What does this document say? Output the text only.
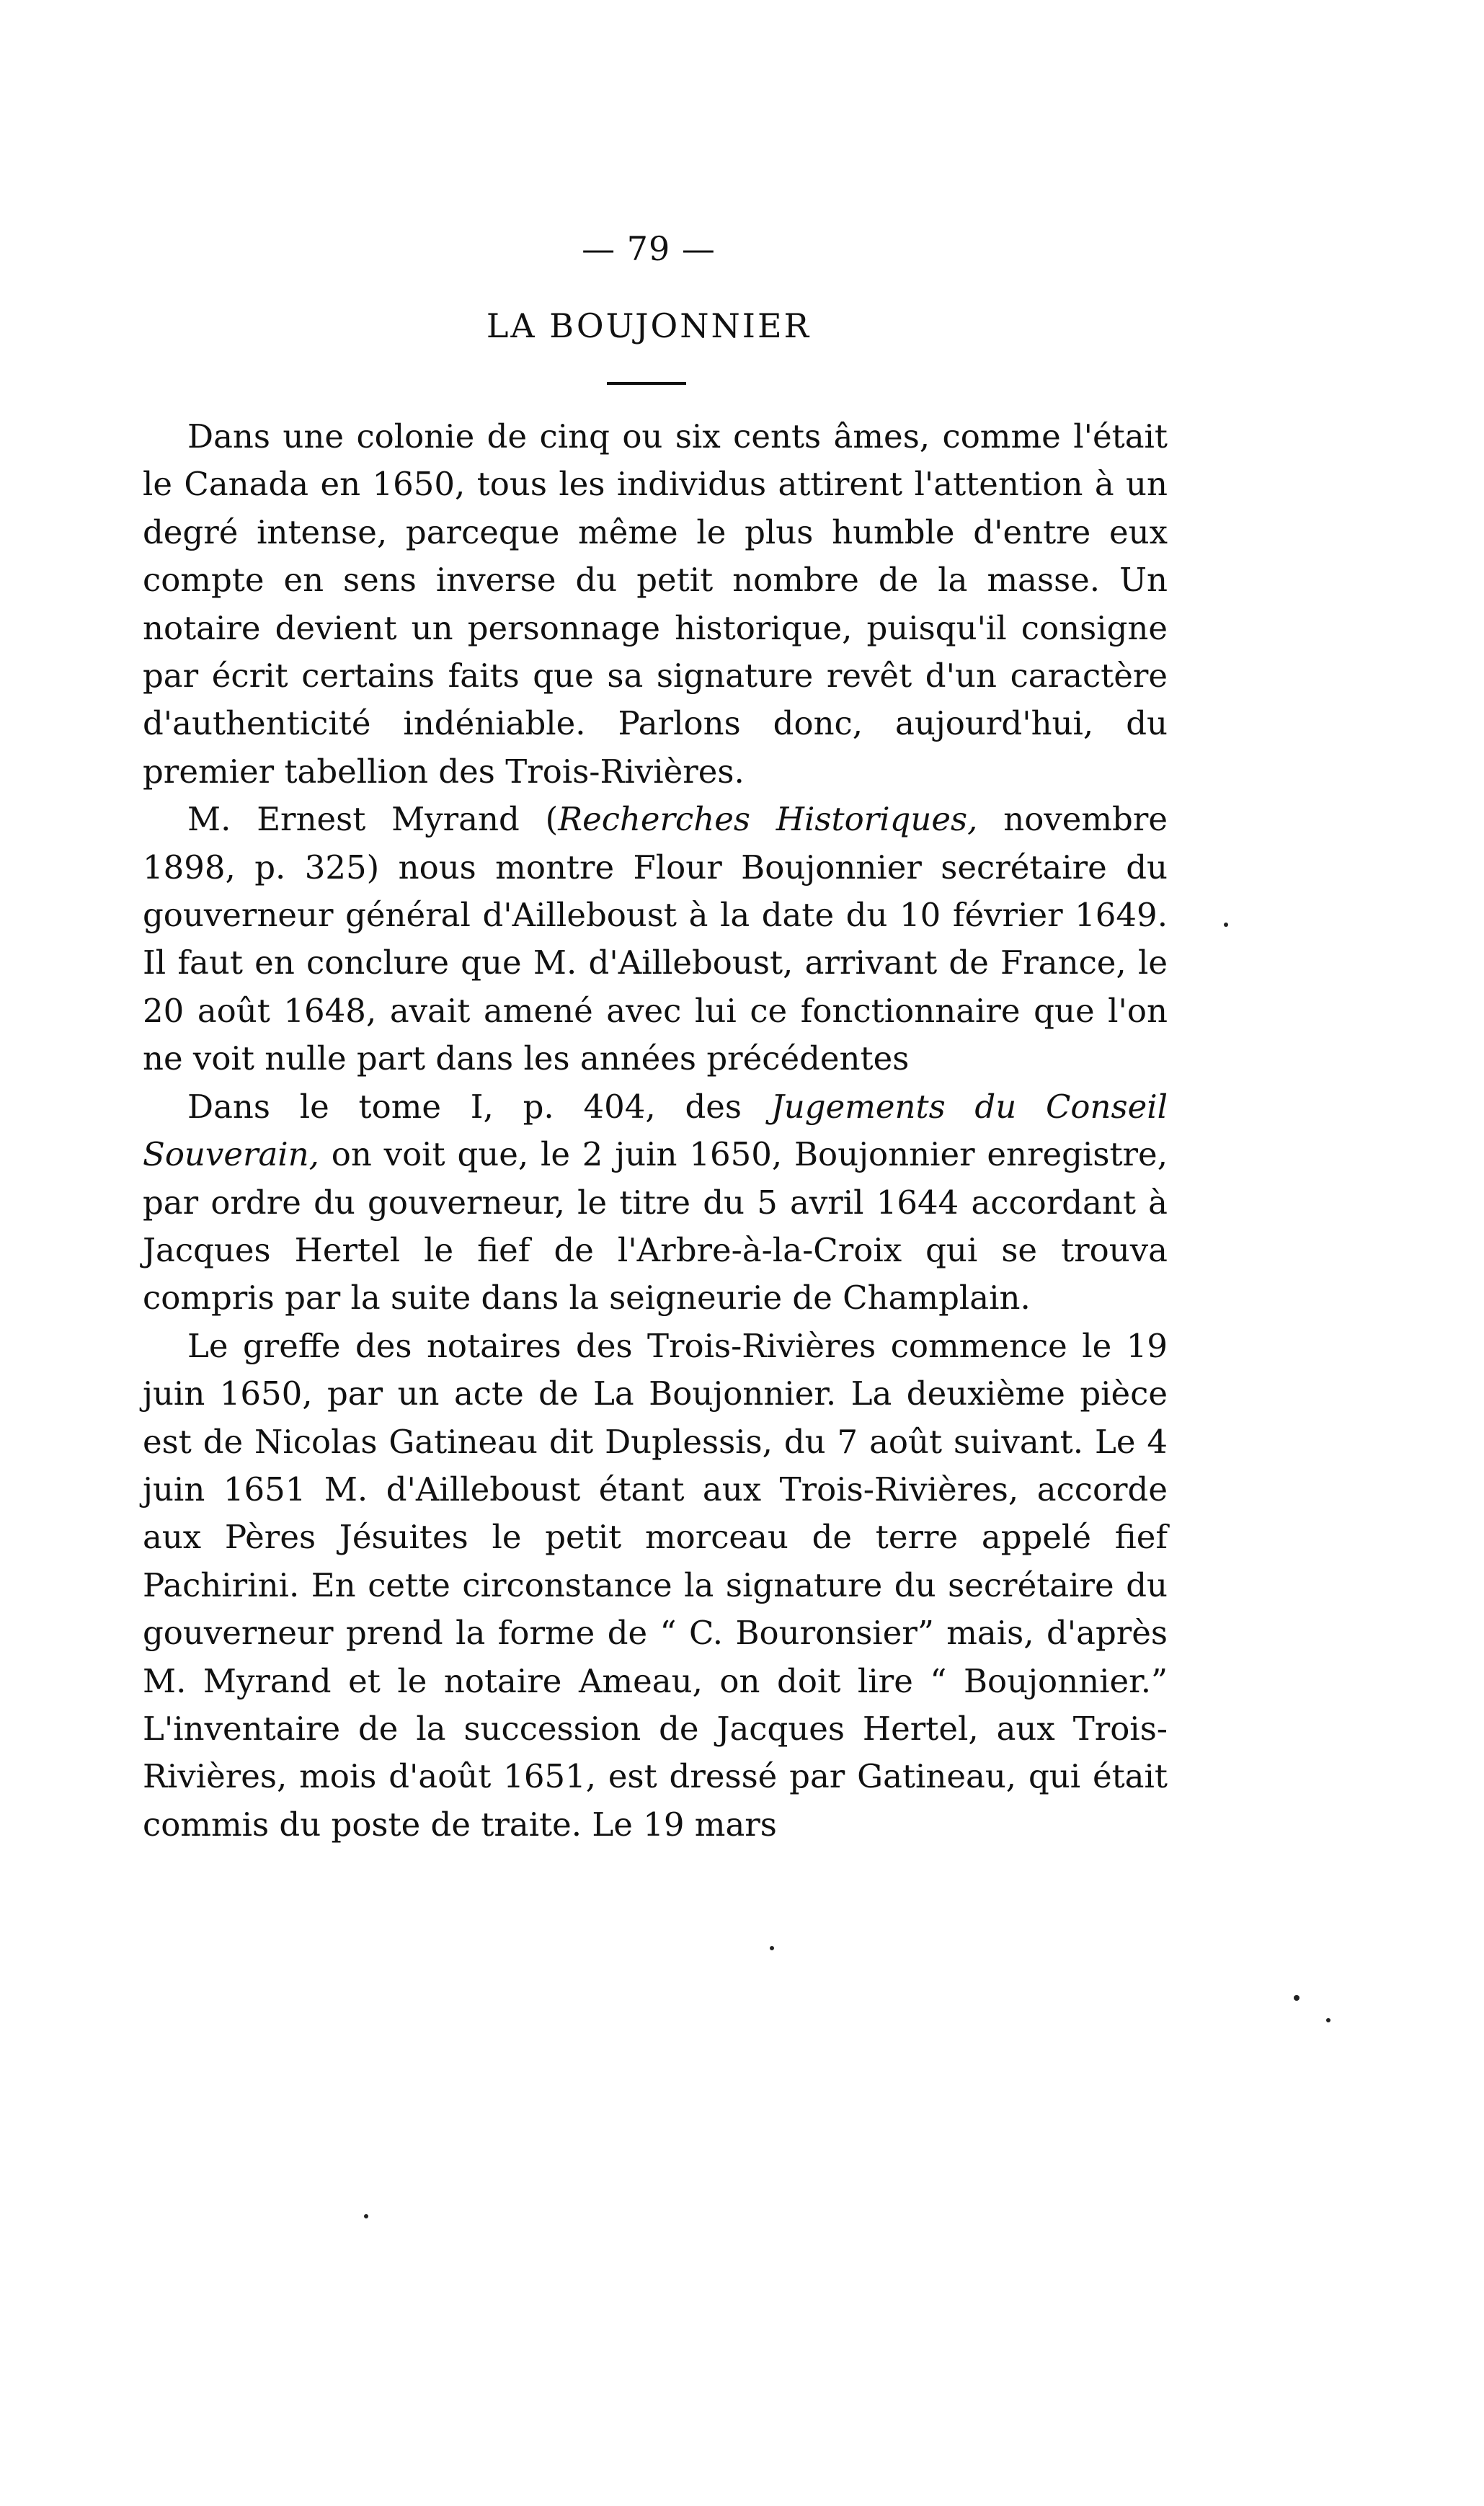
— 79 —
LA BOUJONNIER

Dans une colonie de cinq ou six cents âmes, comme l'était le Canada en 1650, tous les individus attirent l'attention à un degré intense, parceque même le plus humble d'entre eux compte en sens inverse du petit nombre de la masse. Un notaire devient un personnage historique, puisqu'il consigne par écrit certains faits que sa signature revêt d'un caractère d'authenticité indéniable. Parlons donc, aujourd'hui, du premier tabellion des Trois-Rivières.

M. Ernest Myrand (Recherches Historiques, novembre 1898, p. 325) nous montre Flour Boujonnier secrétaire du gouverneur général d'Ailleboust à la date du 10 février 1649. Il faut en conclure que M. d'Ailleboust, arrivant de France, le 20 août 1648, avait amené avec lui ce fonctionnaire que l'on ne voit nulle part dans les années précédentes

Dans le tome I, p. 404, des Jugements du Conseil Souverain, on voit que, le 2 juin 1650, Boujonnier enregistre, par ordre du gouverneur, le titre du 5 avril 1644 accordant à Jacques Hertel le fief de l'Arbre-à-la-Croix qui se trouva compris par la suite dans la seigneurie de Champlain.

Le greffe des notaires des Trois-Rivières commence le 19 juin 1650, par un acte de La Boujonnier. La deuxième pièce est de Nicolas Gatineau dit Duplessis, du 7 août suivant. Le 4 juin 1651 M. d'Ailleboust étant aux Trois-Rivières, accorde aux Pères Jésuites le petit morceau de terre appelé fief Pachirini. En cette circonstance la signature du secrétaire du gouverneur prend la forme de “ C. Bouronsier” mais, d'après M. Myrand et le notaire Ameau, on doit lire “ Boujonnier.” L'inventaire de la succession de Jacques Hertel, aux Trois-Rivières, mois d'août 1651, est dressé par Gatineau, qui était commis du poste de traite. Le 19 mars
